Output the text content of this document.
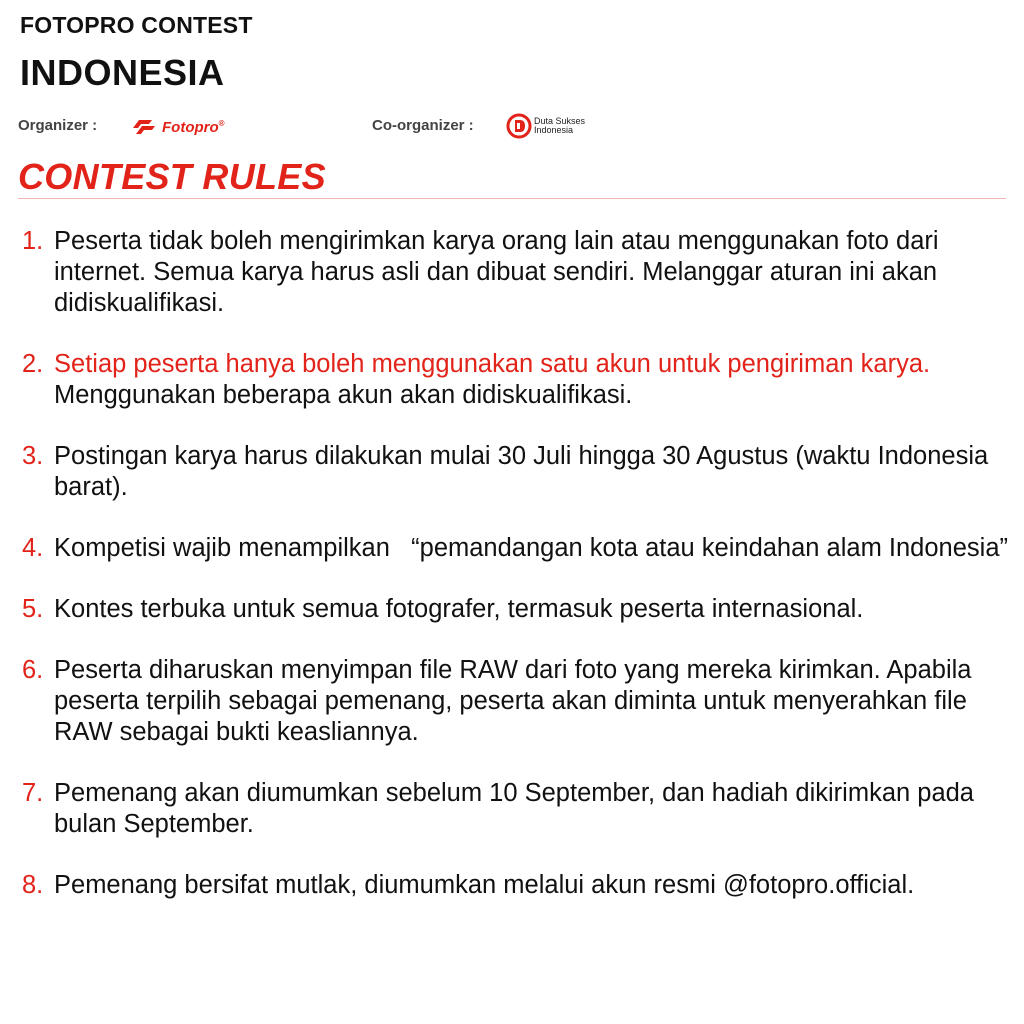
FOTOPRO CONTEST
INDONESIA
Organizer :	Fotopro®	Co-organizer :	Duta Sukses
Indonesia
CONTEST RULES
1. Peserta tidak boleh mengirimkan karya orang lain atau menggunakan foto dari internet. Semua karya harus asli dan dibuat sendiri. Melanggar aturan ini akan didiskualifikasi.
2. Setiap peserta hanya boleh menggunakan satu akun untuk pengiriman karya. Menggunakan beberapa akun akan didiskualifikasi.
3. Postingan karya harus dilakukan mulai 30 Juli hingga 30 Agustus (waktu Indonesia barat).
4. Kompetisi wajib menampilkan   “pemandangan kota atau keindahan alam Indonesia”
5. Kontes terbuka untuk semua fotografer, termasuk peserta internasional.
6. Peserta diharuskan menyimpan file RAW dari foto yang mereka kirimkan. Apabila peserta terpilih sebagai pemenang, peserta akan diminta untuk menyerahkan file RAW sebagai bukti keasliannya.
7. Pemenang akan diumumkan sebelum 10 September, dan hadiah dikirimkan pada bulan September.
8. Pemenang bersifat mutlak, diumumkan melalui akun resmi @fotopro.official.
